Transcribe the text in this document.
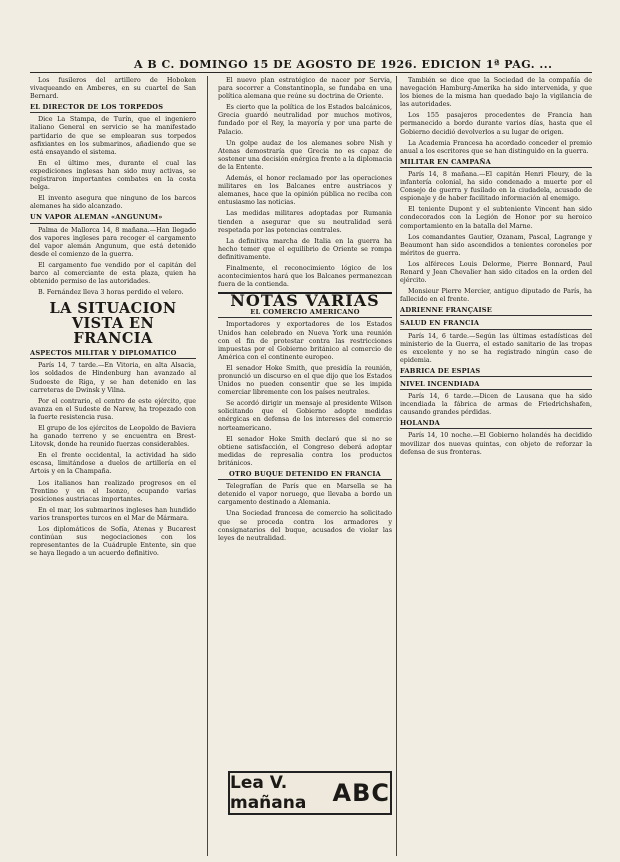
A B C. DOMINGO 15 DE AGOSTO DE 1926. EDICION 1ª PAG. ...

Los fusileros del artillero de Hoboken vivaqueando en Amberes, en su cuartel de San Bernard.

EL DIRECTOR DE LOS TORPEDOS

Dice La Stampa, de Turín, que el ingeniero italiano General en servicio se ha manifestado partidario de que se emplearan sus torpedos asfixiantes en los submarinos, añadiendo que se está ensayando el sistema.

En el último mes, durante el cual las expediciones inglesas han sido muy activas, se registraron importantes combates en la costa belga.

El invento asegura que ninguno de los barcos alemanes ha sido alcanzado.

UN VAPOR ALEMAN «ANGUNUM»

Palma de Mallorca 14, 8 mañana.—Han llegado dos vapores ingleses para recoger el cargamento del vapor alemán Angunum, que está detenido desde el comienzo de la guerra.

El cargamento fue vendido por el capitán del barco al comerciante de esta plaza, quien ha obtenido permiso de las autoridades.

B. Fernández lleva 3 horas perdido el velero.

LA SITUACION VISTA EN FRANCIA
ASPECTOS MILITAR Y DIPLOMATICO

París 14, 7 tarde.—En Vitoria, en alta Alsacia, los soldados de Hindenburg han avanzado al Sudoeste de Riga, y se han detenido en las carreteras de Dwinsk y Vilna.

Por el contrario, el centro de este ejército, que avanza en el Sudeste de Narew, ha tropezado con la fuerte resistencia rusa.

El grupo de los ejércitos de Leopoldo de Baviera ha ganado terreno y se encuentra en Brest-Litovsk, donde ha reunido fuerzas considerables.

En el frente occidental, la actividad ha sido escasa, limitándose a duelos de artillería en el Artois y en la Champaña.

Los italianos han realizado progresos en el Trentino y en el Isonzo, ocupando varias posiciones austriacas importantes.

En el mar, los submarinos ingleses han hundido varios transportes turcos en el Mar de Mármara.

Los diplomáticos de Sofía, Atenas y Bucarest continúan sus negociaciones con los representantes de la Cuádruple Entente, sin que se haya llegado a un acuerdo definitivo.

El nuevo plan estratégico de nacer por Servia, para socorrer a Constantinopla, se fundaba en una política alemana que reúne su doctrina de Oriente.

Es cierto que la política de los Estados balcánicos, Grecia guardó neutralidad por muchos motivos, fundado por el Rey, la mayoría y por una parte de Palacio.

Un golpe audaz de los alemanes sobre Nish y Atenas demostraría que Grecia no es capaz de sostener una decisión enérgica frente a la diplomacia de la Entente.

Además, el honor reclamado por las operaciones militares en los Balcanes entre austriacos y alemanes, hace que la opinión pública no reciba con entusiasmo las noticias.

Las medidas militares adoptadas por Rumania tienden a asegurar que su neutralidad será respetada por las potencias centrales.

La definitiva marcha de Italia en la guerra ha hecho temer que el equilibrio de Oriente se rompa definitivamente.

Finalmente, el reconocimiento lógico de los acontecimientos hará que los Balcanes permanezcan fuera de la contienda.

NOTAS VARIAS
EL COMERCIO AMERICANO

Importadores y exportadores de los Estados Unidos han celebrado en Nueva York una reunión con el fin de protestar contra las restricciones impuestas por el Gobierno británico al comercio de América con el continente europeo.

El senador Hoke Smith, que presidía la reunión, pronunció un discurso en el que dijo que los Estados Unidos no pueden consentir que se les impida comerciar libremente con los países neutrales.

Se acordó dirigir un mensaje al presidente Wilson solicitando que el Gobierno adopte medidas enérgicas en defensa de los intereses del comercio norteamericano.

El senador Hoke Smith declaró que si no se obtiene satisfacción, el Congreso deberá adoptar medidas de represalia contra los productos británicos.

OTRO BUQUE DETENIDO EN FRANCIA

Telegrafían de París que en Marsella se ha detenido el vapor noruego, que llevaba a bordo un cargamento destinado a Alemania.

Una Sociedad francesa de comercio ha solicitado que se proceda contra los armadores y consignatarios del buque, acusados de violar las leyes de neutralidad.

Lea V. mañana	ABC

También se dice que la Sociedad de la compañía de navegación Hamburg-Amerika ha sido intervenida, y que los bienes de la misma han quedado bajo la vigilancia de las autoridades.

Los 155 pasajeros procedentes de Francia han permanecido a bordo durante varios días, hasta que el Gobierno decidió devolverlos a su lugar de origen.

La Academia Francesa ha acordado conceder el premio anual a los escritores que se han distinguido en la guerra.

MILITAR EN CAMPAÑA

París 14, 8 mañana.—El capitán Henri Fleury, de la infantería colonial, ha sido condenado a muerte por el Consejo de guerra y fusilado en la ciudadela, acusado de espionaje y de haber facilitado información al enemigo.

El teniente Dupont y el subteniente Vincent han sido condecorados con la Legión de Honor por su heroico comportamiento en la batalla del Marne.

Los comandantes Gautier, Ozanam, Pascal, Lagrange y Beaumont han sido ascendidos a tenientes coroneles por méritos de guerra.

Los alféreces Louis Delorme, Pierre Bonnard, Paul Renard y Jean Chevalier han sido citados en la orden del ejército.

Monsieur Pierre Mercier, antiguo diputado de París, ha fallecido en el frente.

ADRIENNE FRANÇAISE
SALUD EN FRANCIA

París 14, 6 tarde.—Según las últimas estadísticas del ministerio de la Guerra, el estado sanitario de las tropas es excelente y no se ha registrado ningún caso de epidemia.

FABRICA DE ESPIAS
NIVEL INCENDIADA

París 14, 6 tarde.—Dicen de Lausana que ha sido incendiada la fábrica de armas de Friedrichshafen, causando grandes pérdidas.

HOLANDA

París 14, 10 noche.—El Gobierno holandés ha decidido movilizar dos nuevas quintas, con objeto de reforzar la defensa de sus fronteras.
